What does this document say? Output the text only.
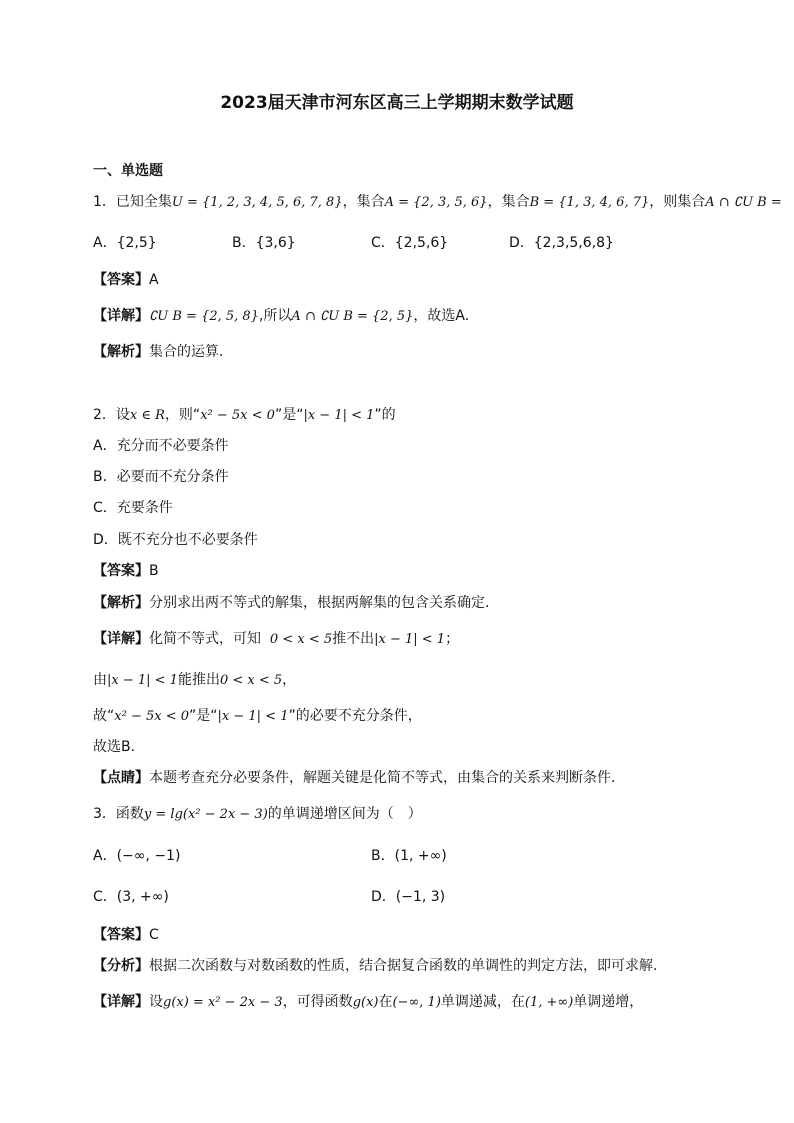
2023届天津市河东区高三上学期期末数学试题
一、单选题
1．已知全集U = {1, 2, 3, 4, 5, 6, 7, 8}，集合A = {2, 3, 5, 6}，集合B = {1, 3, 4, 6, 7}，则集合A ∩ ∁U B =
A．{2,5}	B．{3,6}	C．{2,5,6}	D．{2,3,5,6,8}
【答案】A
【详解】∁U B = {2, 5, 8},所以A ∩ ∁U B = {2, 5}，故选A.
【解析】集合的运算.
2．设x ∈ R，则“x² − 5x < 0”是“|x − 1| < 1”的
A．充分而不必要条件
B．必要而不充分条件
C．充要条件
D．既不充分也不必要条件
【答案】B
【解析】分别求出两不等式的解集，根据两解集的包含关系确定.
【详解】化简不等式，可知 0 < x < 5推不出|x − 1| < 1；
由|x − 1| < 1能推出0 < x < 5，
故“x² − 5x < 0”是“|x − 1| < 1”的必要不充分条件，
故选B．
【点睛】本题考查充分必要条件，解题关键是化简不等式，由集合的关系来判断条件．
3．函数y = lg(x² − 2x − 3)的单调递增区间为（　）
A．(−∞, −1)	B．(1, +∞)
C．(3, +∞)	D．(−1, 3)
【答案】C
【分析】根据二次函数与对数函数的性质，结合据复合函数的单调性的判定方法，即可求解.
【详解】设g(x) = x² − 2x − 3，可得函数g(x)在(−∞, 1)单调递减，在(1, +∞)单调递增，
